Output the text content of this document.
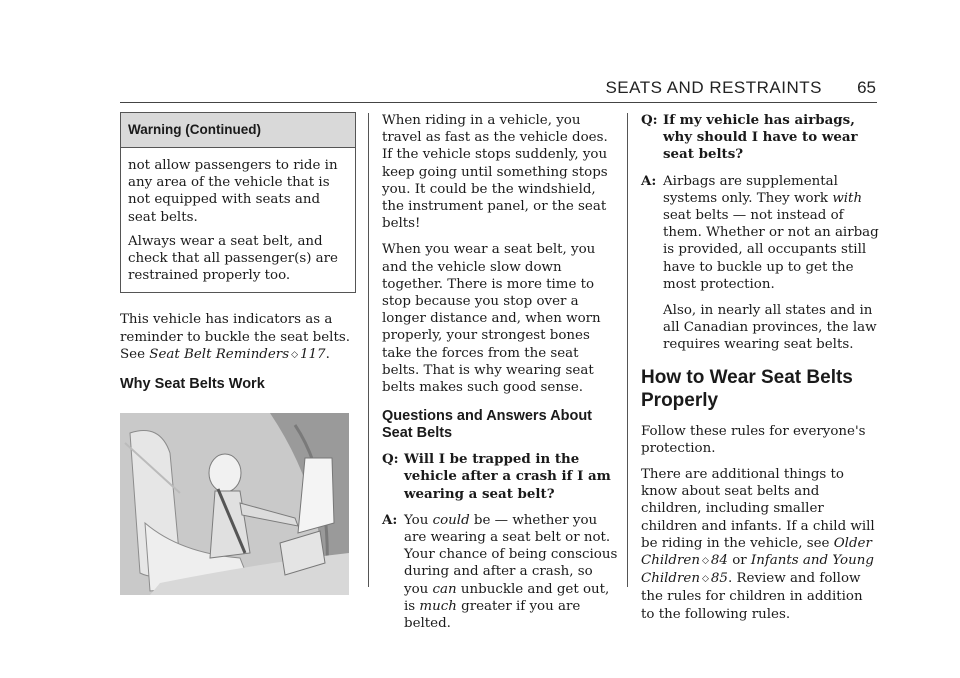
SEATS AND RESTRAINTS 65
Warning (Continued)

not allow passengers to ride in any area of the vehicle that is not equipped with seats and seat belts.

Always wear a seat belt, and check that all passenger(s) are restrained properly too.

This vehicle has indicators as a reminder to buckle the seat belts. See Seat Belt Reminders ◇ 117.

Why Seat Belts Work

When riding in a vehicle, you travel as fast as the vehicle does. If the vehicle stops suddenly, you keep going until something stops you. It could be the windshield, the instrument panel, or the seat belts!

When you wear a seat belt, you and the vehicle slow down together. There is more time to stop because you stop over a longer distance and, when worn properly, your strongest bones take the forces from the seat belts. That is why wearing seat belts makes such good sense.

Questions and Answers About Seat Belts
Q: Will I be trapped in the vehicle after a crash if I am wearing a seat belt?
A: You could be — whether you are wearing a seat belt or not. Your chance of being conscious during and after a crash, so you can unbuckle and get out, is much greater if you are belted.
Q: If my vehicle has airbags, why should I have to wear seat belts?
A: Airbags are supplemental systems only. They work with seat belts — not instead of them. Whether or not an airbag is provided, all occupants still have to buckle up to get the most protection.

Also, in nearly all states and in all Canadian provinces, the law requires wearing seat belts.

How to Wear Seat Belts Properly

Follow these rules for everyone's protection.

There are additional things to know about seat belts and children, including smaller children and infants. If a child will be riding in the vehicle, see Older Children ◇ 84 or Infants and Young Children ◇ 85. Review and follow the rules for children in addition to the following rules.
